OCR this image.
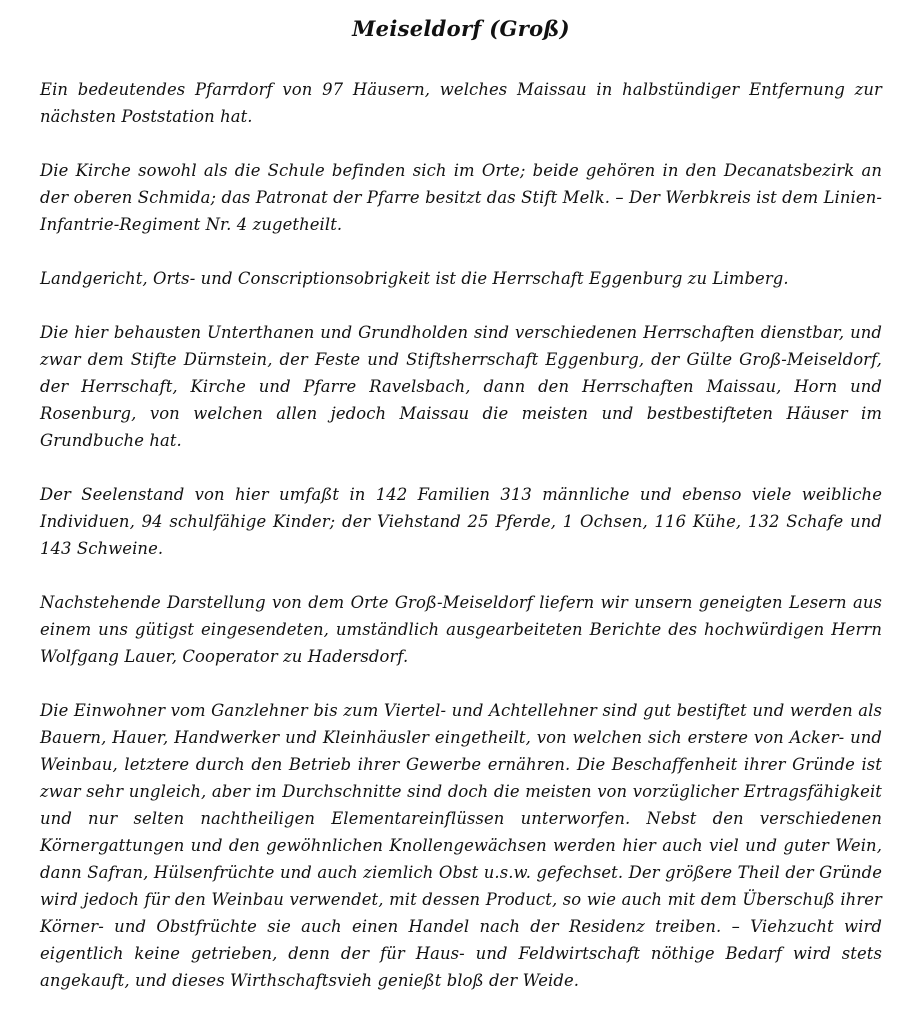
Meiseldorf (Groß)

Ein bedeutendes Pfarrdorf von 97 Häusern, welches Maissau in halbstündiger Entfernung zur nächsten Poststation hat.

Die Kirche sowohl als die Schule befinden sich im Orte; beide gehören in den Decanatsbezirk an der oberen Schmida; das Patronat der Pfarre besitzt das Stift Melk. – Der Werbkreis ist dem Linien-Infantrie-Regiment Nr. 4 zugetheilt.

Landgericht, Orts- und Conscriptionsobrigkeit ist die Herrschaft Eggenburg zu Limberg.

Die hier behausten Unterthanen und Grundholden sind verschiedenen Herrschaften dienstbar, und zwar dem Stifte Dürnstein, der Feste und Stiftsherrschaft Eggenburg, der Gülte Groß-Meiseldorf, der Herrschaft, Kirche und Pfarre Ravelsbach, dann den Herrschaften Maissau, Horn und Rosenburg, von welchen allen jedoch Maissau die meisten und bestbestifteten Häuser im Grundbuche hat.

Der Seelenstand von hier umfaßt in 142 Familien 313 männliche und ebenso viele weibliche Individuen, 94 schulfähige Kinder; der Viehstand 25 Pferde, 1 Ochsen, 116 Kühe, 132 Schafe und 143 Schweine.

Nachstehende Darstellung von dem Orte Groß-Meiseldorf liefern wir unsern geneigten Lesern aus einem uns gütigst eingesendeten, umständlich ausgearbeiteten Berichte des hochwürdigen Herrn Wolfgang Lauer, Cooperator zu Hadersdorf.

Die Einwohner vom Ganzlehner bis zum Viertel- und Achtellehner sind gut bestiftet und werden als Bauern, Hauer, Handwerker und Kleinhäusler eingetheilt, von welchen sich erstere von Acker- und Weinbau, letztere durch den Betrieb ihrer Gewerbe ernähren. Die Beschaffenheit ihrer Gründe ist zwar sehr ungleich, aber im Durchschnitte sind doch die meisten von vorzüglicher Ertragsfähigkeit und nur selten nachtheiligen Elementareinflüssen unterworfen. Nebst den verschiedenen Körnergattungen und den gewöhnlichen Knollengewächsen werden hier auch viel und guter Wein, dann Safran, Hülsenfrüchte und auch ziemlich Obst u.s.w. gefechset. Der größere Theil der Gründe wird jedoch für den Weinbau verwendet, mit dessen Product, so wie auch mit dem Überschuß ihrer Körner- und Obstfrüchte sie auch einen Handel nach der Residenz treiben. – Viehzucht wird eigentlich keine getrieben, denn der für Haus- und Feldwirtschaft nöthige Bedarf wird stets angekauft, und dieses Wirthschaftsvieh genießt bloß der Weide.
